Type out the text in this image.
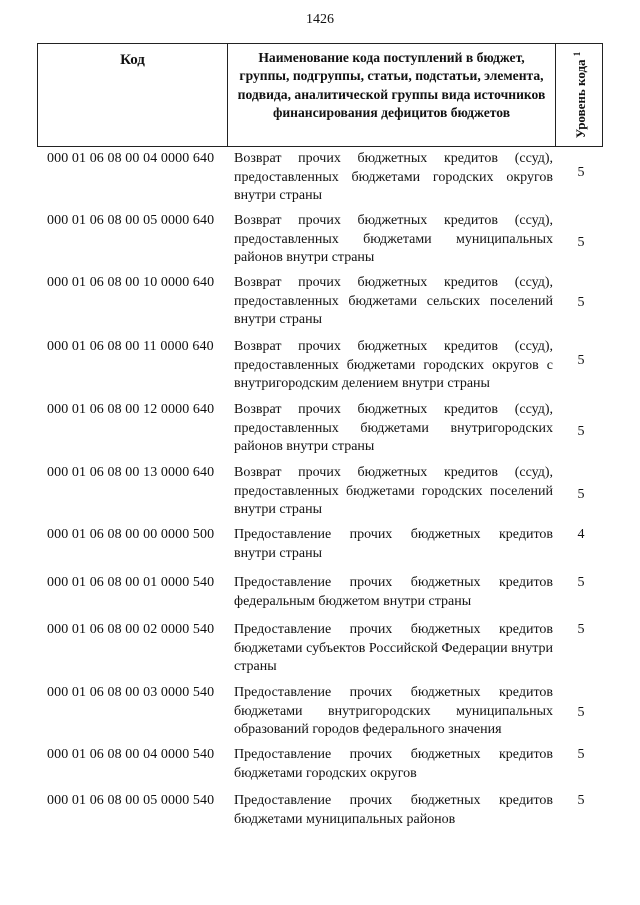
1426
Код	Наименование кода поступлений в бюджет, группы, подгруппы, статьи, подстатьи, элемента, подвида, аналитической группы вида источников финансирования дефицитов бюджетов	Уровень кода $^1$
000 01 06 08 00 04 0000 640 Возврат прочих бюджетных кредитов (ссуд), предоставленных бюджетами городских округов внутри страны
5
000 01 06 08 00 05 0000 640 Возврат прочих бюджетных кредитов (ссуд), предоставленных бюджетами муниципальных районов внутри страны
5
000 01 06 08 00 10 0000 640 Возврат прочих бюджетных кредитов (ссуд), предоставленных бюджетами сельских поселений внутри страны
5
000 01 06 08 00 11 0000 640 Возврат прочих бюджетных кредитов (ссуд), предоставленных бюджетами городских округов с внутригородским делением внутри страны
5
000 01 06 08 00 12 0000 640 Возврат прочих бюджетных кредитов (ссуд), предоставленных бюджетами внутригородских районов внутри страны
5
000 01 06 08 00 13 0000 640 Возврат прочих бюджетных кредитов (ссуд), предоставленных бюджетами городских поселений внутри страны
5
000 01 06 08 00 00 0000 500 Предоставление прочих бюджетных кредитов внутри страны
4
000 01 06 08 00 01 0000 540 Предоставление прочих бюджетных кредитов федеральным бюджетом внутри страны
5
000 01 06 08 00 02 0000 540 Предоставление прочих бюджетных кредитов бюджетами субъектов Российской Федерации внутри страны
5
000 01 06 08 00 03 0000 540 Предоставление прочих бюджетных кредитов бюджетами внутригородских муниципальных образований городов федерального значения
5
000 01 06 08 00 04 0000 540 Предоставление прочих бюджетных кредитов бюджетами городских округов
5
000 01 06 08 00 05 0000 540 Предоставление прочих бюджетных кредитов бюджетами муниципальных районов
5
